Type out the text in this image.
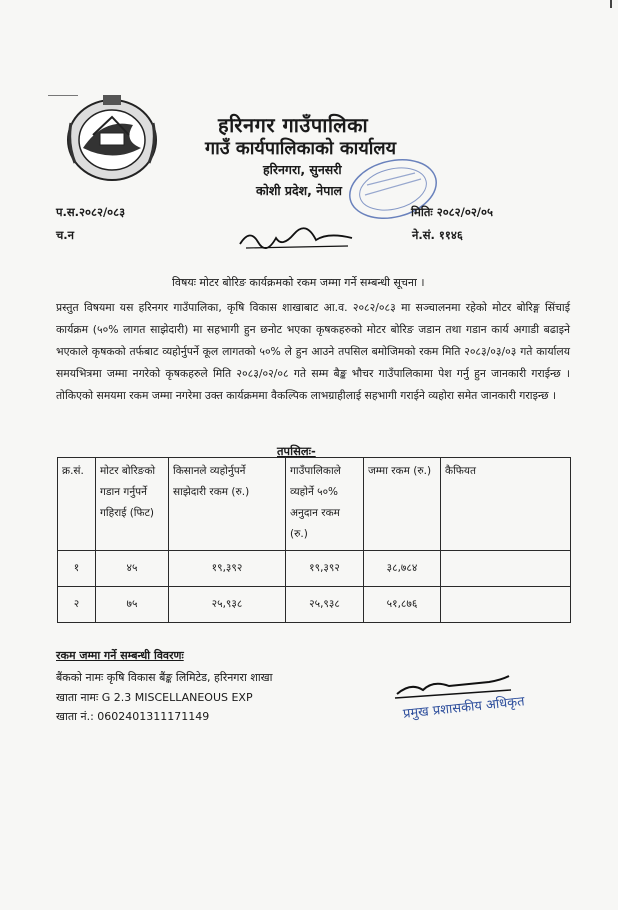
हरिनगर गाउँपालिका
गाउँ कार्यपालिकाको कार्यालय
हरिनगरा, सुनसरी
कोशी प्रदेश, नेपाल
प.स.२०८२/०८३
च.न
मितिः २०८२/०२/०५
ने.सं. ११४६
विषयः मोटर बोरिङ कार्यक्रमको रकम जम्मा गर्ने सम्बन्धी सूचना ।

प्रस्तुत विषयमा यस हरिनगर गाउँपालिका, कृषि विकास शाखाबाट आ.व. २०८२/०८३ मा सञ्चालनमा रहेको मोटर बोरिङ्ग सिंचाई कार्यक्रम (५०% लागत साझेदारी) मा सहभागी हुन छनोट भएका कृषकहरुको मोटर बोरिङ जडान तथा गडान कार्य अगाडी बढाइने भएकाले कृषकको तर्फबाट व्यहोर्नुपर्ने कूल लागतको ५०% ले हुन आउने तपसिल बमोजिमको रकम मिति २०८३/०३/०३ गते कार्यालय समयभित्रमा जम्मा नगरेको कृषकहरुले मिति २०८३/०२/०८ गते सम्म बैङ्क भौचर गाउँपालिकामा पेश गर्नु हुन जानकारी गराईन्छ । तोकिएको समयमा रकम जम्मा नगरेमा उक्त कार्यक्रममा वैकल्पिक लाभग्राहीलाई सहभागी गराईने व्यहोरा समेत जानकारी गराइन्छ ।

तपसिलः-
क्र.सं.	मोटर बोरिङको गडान गर्नुपर्ने गहिराई (फिट)	किसानले व्यहोर्नुपर्ने साझेदारी रकम (रु.)	गाउँपालिकाले व्यहोर्ने ५०% अनुदान रकम (रु.)	जम्मा रकम (रु.)	कैफियत
१	४५	१९,३९२	१९,३९२	३८,७८४	
२	७५	२५,९३८	२५,९३८	५१,८७६	
रकम जम्मा गर्ने सम्बन्धी विवरणः
बैंकको नामः कृषि विकास बैंङ्क लिमिटेड, हरिनगरा शाखा
खाता नामः G 2.3 MISCELLANEOUS EXP
खाता नं.: 0602401311171149	प्रमुख प्रशासकीय अधिकृत
